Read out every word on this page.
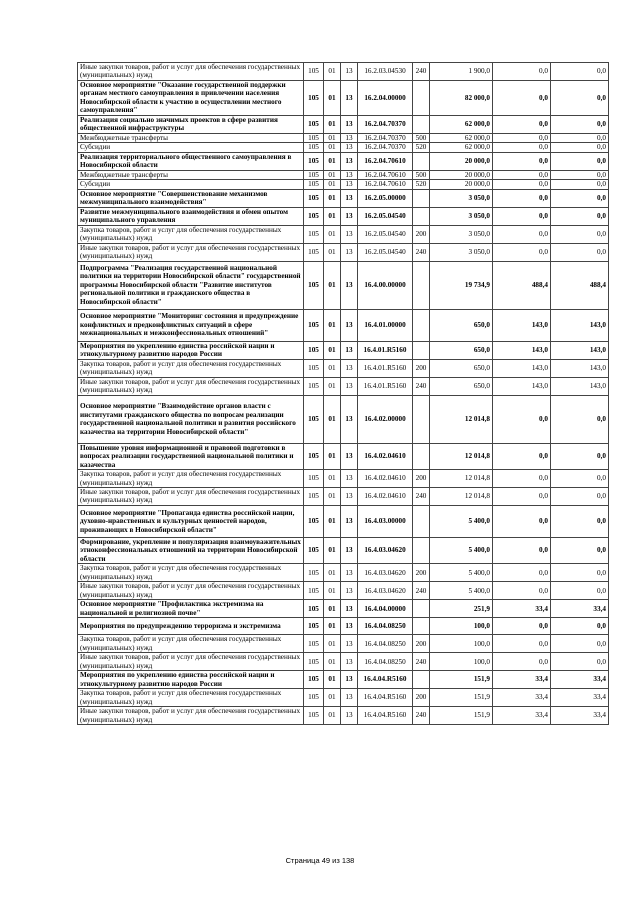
Иные закупки товаров, работ и услуг для обеспечения государственных (муниципальных) нужд	105	01	13	16.2.03.04530	240	1 900,0	0,0	0,0
Основное мероприятие "Оказание государственной поддержки органам местного самоуправления в привлечении населения Новосибирской области к участию в осуществлении местного самоуправления"	105	01	13	16.2.04.00000		82 000,0	0,0	0,0
Реализация социально значимых проектов в сфере развития общественной инфраструктуры	105	01	13	16.2.04.70370		62 000,0	0,0	0,0
Межбюджетные трансферты	105	01	13	16.2.04.70370	500	62 000,0	0,0	0,0
Субсидии	105	01	13	16.2.04.70370	520	62 000,0	0,0	0,0
Реализация территориального общественного самоуправления в Новосибирской области	105	01	13	16.2.04.70610		20 000,0	0,0	0,0
Межбюджетные трансферты	105	01	13	16.2.04.70610	500	20 000,0	0,0	0,0
Субсидии	105	01	13	16.2.04.70610	520	20 000,0	0,0	0,0
Основное мероприятие "Совершенствование механизмов межмуниципального взаимодействия"	105	01	13	16.2.05.00000		3 050,0	0,0	0,0
Развитие межмуниципального взаимодействия и обмен опытом муниципального управления	105	01	13	16.2.05.04540		3 050,0	0,0	0,0
Закупка товаров, работ и услуг для обеспечения государственных (муниципальных) нужд	105	01	13	16.2.05.04540	200	3 050,0	0,0	0,0
Иные закупки товаров, работ и услуг для обеспечения государственных (муниципальных) нужд	105	01	13	16.2.05.04540	240	3 050,0	0,0	0,0
Подпрограмма "Реализация государственной национальной политики на территории Новосибирской области" государственной программы Новосибирской области "Развитие институтов региональной политики и гражданского общества в Новосибирской области"	105	01	13	16.4.00.00000		19 734,9	488,4	488,4
Основное мероприятие "Мониторинг состояния и предупреждение конфликтных и предконфликтных ситуаций в сфере межнациональных и межконфессиональных отношений"	105	01	13	16.4.01.00000		650,0	143,0	143,0
Мероприятия по укреплению единства российской нации и этнокультурному развитию народов России	105	01	13	16.4.01.R5160		650,0	143,0	143,0
Закупка товаров, работ и услуг для обеспечения государственных (муниципальных) нужд	105	01	13	16.4.01.R5160	200	650,0	143,0	143,0
Иные закупки товаров, работ и услуг для обеспечения государственных (муниципальных) нужд	105	01	13	16.4.01.R5160	240	650,0	143,0	143,0
Основное мероприятие "Взаимодействие органов власти с институтами гражданского общества по вопросам реализации государственной национальной политики и развития российского казачества на территории Новосибирской области"	105	01	13	16.4.02.00000		12 014,8	0,0	0,0
Повышение уровня информационной и правовой подготовки в вопросах реализации государственной национальной политики и казачества	105	01	13	16.4.02.04610		12 014,8	0,0	0,0
Закупка товаров, работ и услуг для обеспечения государственных (муниципальных) нужд	105	01	13	16.4.02.04610	200	12 014,8	0,0	0,0
Иные закупки товаров, работ и услуг для обеспечения государственных (муниципальных) нужд	105	01	13	16.4.02.04610	240	12 014,8	0,0	0,0
Основное мероприятие "Пропаганда единства российской нации, духовно-нравственных и культурных ценностей народов, проживающих в Новосибирской области"	105	01	13	16.4.03.00000		5 400,0	0,0	0,0
Формирование, укрепление и популяризация взаимоуважительных этноконфессиональных отношений на территории Новосибирской области	105	01	13	16.4.03.04620		5 400,0	0,0	0,0
Закупка товаров, работ и услуг для обеспечения государственных (муниципальных) нужд	105	01	13	16.4.03.04620	200	5 400,0	0,0	0,0
Иные закупки товаров, работ и услуг для обеспечения государственных (муниципальных) нужд	105	01	13	16.4.03.04620	240	5 400,0	0,0	0,0
Основное мероприятие "Профилактика экстремизма на национальной и религиозной почве"	105	01	13	16.4.04.00000		251,9	33,4	33,4
Мероприятия по предупреждению терроризма и экстремизма	105	01	13	16.4.04.08250		100,0	0,0	0,0
Закупка товаров, работ и услуг для обеспечения государственных (муниципальных) нужд	105	01	13	16.4.04.08250	200	100,0	0,0	0,0
Иные закупки товаров, работ и услуг для обеспечения государственных (муниципальных) нужд	105	01	13	16.4.04.08250	240	100,0	0,0	0,0
Мероприятия по укреплению единства российской нации и этнокультурному развитию народов России	105	01	13	16.4.04.R5160		151,9	33,4	33,4
Закупка товаров, работ и услуг для обеспечения государственных (муниципальных) нужд	105	01	13	16.4.04.R5160	200	151,9	33,4	33,4
Иные закупки товаров, работ и услуг для обеспечения государственных (муниципальных) нужд	105	01	13	16.4.04.R5160	240	151,9	33,4	33,4
Страница 49 из 138
